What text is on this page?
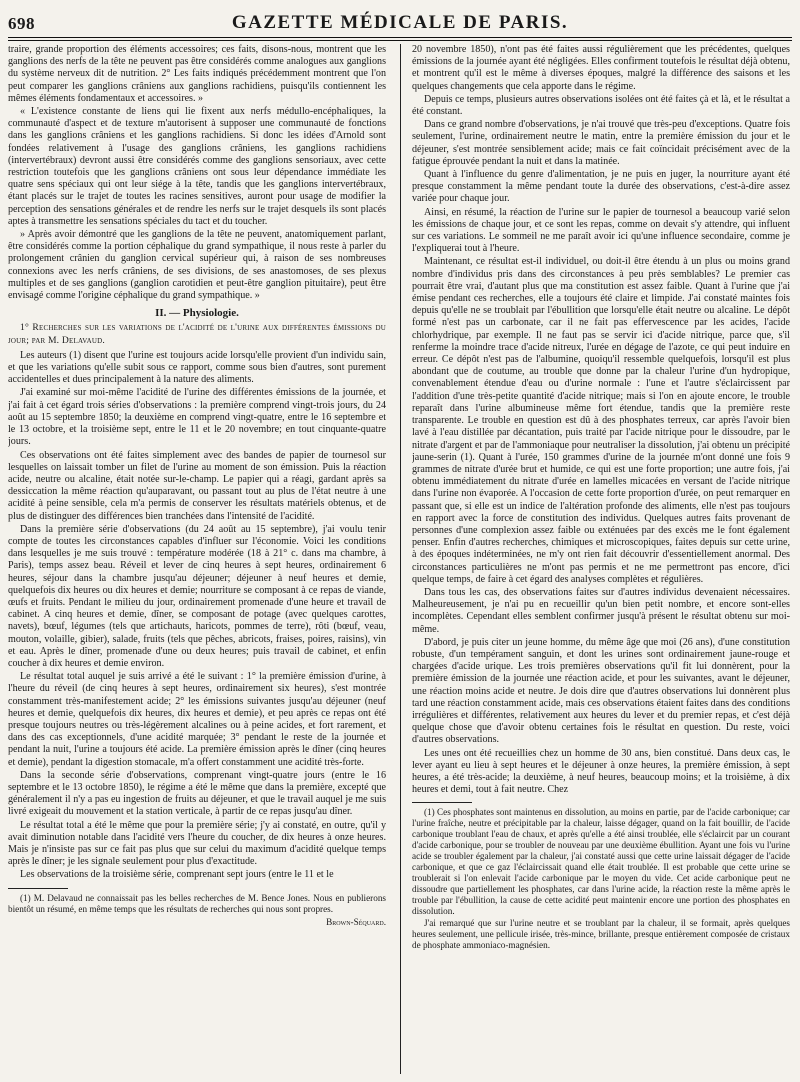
698	GAZETTE MÉDICALE DE PARIS.

traire, grande proportion des éléments accessoires; ces faits, disons-nous, montrent que les ganglions des nerfs de la tête ne peuvent pas être considérés comme analogues aux ganglions du système nerveux dit de nutrition. 2° Les faits indiqués précédemment montrent que l'on peut comparer les ganglions crâniens aux ganglions rachidiens, puisqu'ils contiennent les mêmes éléments fondamentaux et accessoires. »

« L'existence constante de liens qui lie fixent aux nerfs médullo-encéphaliques, la communauté d'aspect et de texture m'autorisent à supposer une communauté de fonctions dans les ganglions crâniens et les ganglions rachidiens. Si donc les idées d'Arnold sont fondées relativement à l'usage des ganglions crâniens, les ganglions rachidiens (intervertébraux) devront aussi être considérés comme des ganglions sensoriaux, avec cette restriction toutefois que les ganglions crâniens ont sous leur dépendance immédiate les quatre sens spéciaux qui ont leur siége à la tête, tandis que les ganglions intervertébraux, étant placés sur le trajet de toutes les racines sensitives, auront pour usage de modifier la perception des sensations générales et de rendre les nerfs sur le trajet desquels ils sont placés aptes à transmettre les sensations spéciales du tact et du toucher.

» Après avoir démontré que les ganglions de la tête ne peuvent, anatomiquement parlant, être considérés comme la portion céphalique du grand sympathique, il nous reste à parler du prolongement crânien du ganglion cervical supérieur qui, à raison de ses nombreuses connexions avec les nerfs crâniens, de ses divisions, de ses anastomoses, de ses plexus multiples et de ses ganglions (ganglion carotidien et peut-être ganglion pituitaire), peut être envisagé comme l'origine céphalique du grand sympathique. »

II. — Physiologie.

1° Recherches sur les variations de l'acidité de l'urine aux différentes émissions du jour; par M. Delavaud.

Les auteurs (1) disent que l'urine est toujours acide lorsqu'elle provient d'un individu sain, et que les variations qu'elle subit sous ce rapport, comme sous bien d'autres, sont purement accidentelles et dues principalement à la nature des aliments.

J'ai examiné sur moi-même l'acidité de l'urine des différentes émissions de la journée, et j'ai fait à cet égard trois séries d'observations : la première comprend vingt-trois jours, du 24 août au 15 septembre 1850; la deuxième en comprend vingt-quatre, entre le 16 septembre et le 13 octobre, et la troisième sept, entre le 11 et le 20 novembre; en tout cinquante-quatre jours.

Ces observations ont été faites simplement avec des bandes de papier de tournesol sur lesquelles on laissait tomber un filet de l'urine au moment de son émission. Puis la réaction acide, neutre ou alcaline, était notée sur-le-champ. Le papier qui a réagi, gardant après sa dessiccation la même réaction qu'auparavant, ou passant tout au plus de l'état neutre à une acidité à peine sensible, cela m'a permis de conserver les résultats matériels obtenus, et de plus de distinguer des différences bien tranchées dans l'intensité de l'acidité.

Dans la première série d'observations (du 24 août au 15 septembre), j'ai voulu tenir compte de toutes les circonstances capables d'influer sur l'économie. Voici les conditions dans lesquelles je me suis trouvé : température modérée (18 à 21° c. dans ma chambre, à Paris), temps assez beau. Réveil et lever de cinq heures à sept heures, ordinairement 6 heures, séjour dans la chambre jusqu'au déjeuner; déjeuner à neuf heures et demie, quelquefois dix heures ou dix heures et demie; nourriture se composant à ce repas de viande, œufs et fruits. Pendant le milieu du jour, ordinairement promenade d'une heure et travail de cabinet. A cinq heures et demie, dîner, se composant de potage (avec quelques carottes, navets), bœuf, légumes (tels que artichauts, haricots, pommes de terre), rôti (bœuf, veau, mouton, volaille, gibier), salade, fruits (tels que pêches, abricots, fraises, poires, raisins), vin et eau. Après le dîner, promenade d'une ou deux heures; puis travail de cabinet, et enfin coucher à dix heures et demie environ.

Le résultat total auquel je suis arrivé a été le suivant : 1° la première émission d'urine, à l'heure du réveil (de cinq heures à sept heures, ordinairement six heures), s'est montrée constamment très-manifestement acide; 2° les émissions suivantes jusqu'au déjeuner (neuf heures et demie, quelquefois dix heures, dix heures et demie), et peu après ce repas ont été presque toujours neutres ou très-légèrement alcalines ou à peine acides, et fort rarement, et dans des cas exceptionnels, d'une acidité marquée; 3° pendant le reste de la journée et pendant la nuit, l'urine a toujours été acide. La première émission après le dîner (cinq heures et demie), pendant la digestion stomacale, m'a offert constamment une acidité très-forte.

Dans la seconde série d'observations, comprenant vingt-quatre jours (entre le 16 septembre et le 13 octobre 1850), le régime a été le même que dans la première, excepté que généralement il n'y a pas eu ingestion de fruits au déjeuner, et que le travail auquel je me suis livré exigeait du mouvement et la station verticale, à partir de ce repas jusqu'au dîner.

Le résultat total a été le même que pour la première série; j'y ai constaté, en outre, qu'il y avait diminution notable dans l'acidité vers l'heure du coucher, de dix heures à onze heures. Mais je n'insiste pas sur ce fait pas plus que sur celui du maximum d'acidité quelque temps après le dîner; je les signale seulement pour plus d'exactitude.

Les observations de la troisième série, comprenant sept jours (entre le 11 et le

(1) M. Delavaud ne connaissait pas les belles recherches de M. Bence Jones. Nous en publierons bientôt un résumé, en même temps que les résultats de recherches qui nous sont propres.

Brown-Séquard.

20 novembre 1850), n'ont pas été faites aussi régulièrement que les précédentes, quelques émissions de la journée ayant été négligées. Elles confirment toutefois le résultat déjà obtenu, et montrent qu'il est le même à diverses époques, malgré la différence des saisons et les quelques changements que cela apporte dans le régime.

Depuis ce temps, plusieurs autres observations isolées ont été faites çà et là, et le résultat a été constant.

Dans ce grand nombre d'observations, je n'ai trouvé que très-peu d'exceptions. Quatre fois seulement, l'urine, ordinairement neutre le matin, entre la première émission du jour et le déjeuner, s'est montrée sensiblement acide; mais ce fait coïncidait précisément avec de la fatigue éprouvée pendant la nuit et dans la matinée.

Quant à l'influence du genre d'alimentation, je ne puis en juger, la nourriture ayant été presque constamment la même pendant toute la durée des observations, c'est-à-dire assez variée pour chaque jour.

Ainsi, en résumé, la réaction de l'urine sur le papier de tournesol a beaucoup varié selon les émissions de chaque jour, et ce sont les repas, comme on devait s'y attendre, qui influent sur ces variations. Le sommeil ne me paraît avoir ici qu'une influence secondaire, comme je l'expliquerai tout à l'heure.

Maintenant, ce résultat est-il individuel, ou doit-il être étendu à un plus ou moins grand nombre d'individus pris dans des circonstances à peu près semblables? Le premier cas pourrait être vrai, d'autant plus que ma constitution est assez faible. Quant à l'urine que j'ai émise pendant ces recherches, elle a toujours été claire et limpide. J'ai constaté maintes fois depuis qu'elle ne se troublait par l'ébullition que lorsqu'elle était neutre ou alcaline. Le dépôt formé n'est pas un carbonate, car il ne fait pas effervescence par les acides, l'acide chlorhydrique, par exemple. Il ne faut pas se servir ici d'acide nitrique, parce que, s'il renferme la moindre trace d'acide nitreux, l'urée en dégage de l'azote, ce qui peut induire en erreur. Ce dépôt n'est pas de l'albumine, quoiqu'il ressemble quelquefois, lorsqu'il est plus abondant que de coutume, au trouble que donne par la chaleur l'urine d'un hydropique, convenablement étendue d'eau ou d'urine normale : l'une et l'autre s'éclaircissent par l'addition d'une très-petite quantité d'acide nitrique; mais si l'on en ajoute encore, le trouble reparaît dans l'urine albumineuse même fort étendue, tandis que la première reste transparente. Le trouble en question est dû à des phosphates terreux, car après l'avoir bien lavé à l'eau distillée par décantation, puis traité par l'acide nitrique pour le dissoudre, par le nitrate d'argent et par de l'ammoniaque pour neutraliser la dissolution, j'ai obtenu un précipité jaune-serin (1). Quant à l'urée, 150 grammes d'urine de la journée m'ont donné une fois 9 grammes de nitrate d'urée brut et humide, ce qui est une forte proportion; une autre fois, j'ai obtenu immédiatement du nitrate d'urée en lamelles micacées en versant de l'acide nitrique dans l'urine non évaporée. A l'occasion de cette forte proportion d'urée, on peut remarquer en passant que, si elle est un indice de l'altération profonde des aliments, elle n'est pas toujours en rapport avec la force de constitution des individus. Quelques autres faits provenant de personnes d'une complexion assez faible ou exténuées par des excès me le font également penser. Enfin d'autres recherches, chimiques et microscopiques, faites depuis sur cette urine, à des époques indéterminées, ne m'y ont rien fait découvrir d'essentiellement anormal. Des circonstances particulières ne m'ont pas permis et ne me permettront pas encore, d'ici quelque temps, de faire à cet égard des analyses complètes et régulières.

Dans tous les cas, des observations faites sur d'autres individus devenaient nécessaires. Malheureusement, je n'ai pu en recueillir qu'un bien petit nombre, et encore sont-elles incomplètes. Cependant elles semblent confirmer jusqu'à présent le résultat obtenu sur moi-même.

D'abord, je puis citer un jeune homme, du même âge que moi (26 ans), d'une constitution robuste, d'un tempérament sanguin, et dont les urines sont ordinairement jaune-rouge et chargées d'acide urique. Les trois premières observations qu'il fit lui donnèrent, pour la première émission de la journée une réaction acide, et pour les suivantes, avant le déjeuner, une réaction moins acide et neutre. Je dois dire que d'autres observations lui donnèrent plus tard une réaction constamment acide, mais ces observations étaient faites dans des conditions irrégulières et différentes, relativement aux heures du lever et du premier repas, et c'est déjà quelque chose que d'avoir obtenu certaines fois le résultat en question. Du reste, voici d'autres observations.

Les unes ont été recueillies chez un homme de 30 ans, bien constitué. Dans deux cas, le lever ayant eu lieu à sept heures et le déjeuner à onze heures, la première émission, à sept heures, a été très-acide; la deuxième, à neuf heures, beaucoup moins; et la troisième, à dix heures et demi, tout à fait neutre. Chez

(1) Ces phosphates sont maintenus en dissolution, au moins en partie, par de l'acide carbonique; car l'urine fraîche, neutre et précipitable par la chaleur, laisse dégager, quand on la fait bouillir, de l'acide carbonique troublant l'eau de chaux, et après qu'elle a été ainsi troublée, elle s'éclaircit par un courant d'acide carbonique, pour se troubler de nouveau par une deuxième ébullition. Ayant une fois vu l'urine acide se troubler également par la chaleur, j'ai constaté aussi que cette urine laissait dégager de l'acide carbonique, et que ce gaz l'éclaircissait quand elle était troublée. Il est probable que cette urine se troublerait si l'on enlevait l'acide carbonique par le moyen du vide. Cet acide carbonique peut ne dissoudre que partiellement les phosphates, car dans l'urine acide, la réaction reste la même après le trouble par l'ébullition, la cause de cette acidité peut maintenir encore une portion des phosphates en dissolution.

J'ai remarqué que sur l'urine neutre et se troublant par la chaleur, il se formait, après quelques heures seulement, une pellicule irisée, très-mince, brillante, presque entièrement composée de cristaux de phosphate ammoniaco-magnésien.
